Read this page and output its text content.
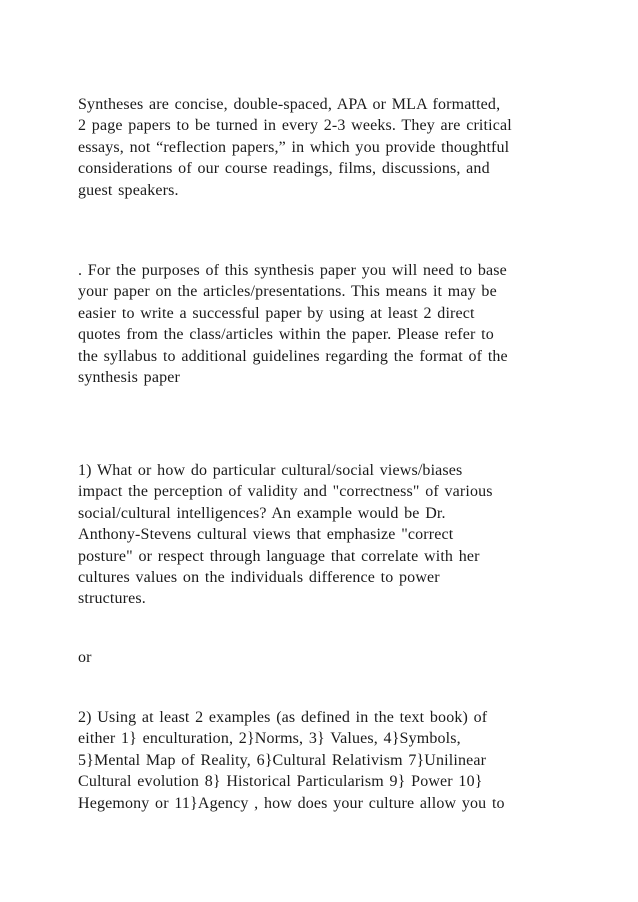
Syntheses are concise, double-spaced, APA or MLA formatted,
2 page papers to be turned in every 2-3 weeks. They are critical
essays, not “reflection papers,” in which you provide thoughtful
considerations of our course readings, films, discussions, and
guest speakers.
. For the purposes of this synthesis paper you will need to base
your paper on the articles/presentations. This means it may be
easier to write a successful paper by using at least 2 direct
quotes from the class/articles within the paper. Please refer to
the syllabus to additional guidelines regarding the format of the
synthesis paper
1) What or how do particular cultural/social views/biases
impact the perception of validity and "correctness" of various
social/cultural intelligences? An example would be Dr.
Anthony-Stevens cultural views that emphasize "correct
posture" or respect through language that correlate with her
cultures values on the individuals difference to power
structures.
or
2) Using at least 2 examples (as defined in the text book) of
either 1} enculturation, 2}Norms, 3} Values, 4}Symbols,
5}Mental Map of Reality, 6}Cultural Relativism 7}Unilinear
Cultural evolution 8} Historical Particularism 9} Power 10}
Hegemony or 11}Agency , how does your culture allow you to
